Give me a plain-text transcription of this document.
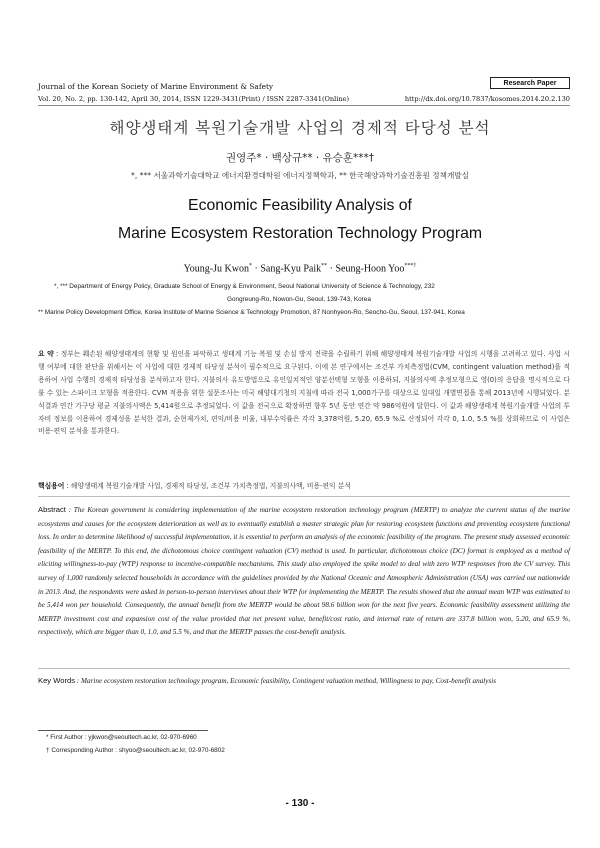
Journal of the Korean Society of Marine Environment & Safety	Research Paper
Vol. 20, No. 2, pp. 130-142, April 30, 2014, ISSN 1229-3431(Print) / ISSN 2287-3341(Online)	http://dx.doi.org/10.7837/kosomes.2014.20.2.130
해양생태계 복원기술개발 사업의 경제적 타당성 분석
권영주* · 백상규** · 유승훈***†
*, *** 서울과학기술대학교 에너지환경대학원 에너지정책학과, ** 한국해양과학기술진흥원 정책개발실
Economic Feasibility Analysis of
Marine Ecosystem Restoration Technology Program
Young-Ju Kwon* · Sang-Kyu Paik** · Seung-Hoon Yoo***†
*, *** Department of Energy Policy, Graduate School of Energy & Environment, Seoul National University of Science & Technology, 232
Gongreung-Ro, Nowon-Gu, Seoul, 139-743, Korea
** Marine Policy Development Office, Korea Institute of Marine Science & Technology Promotion, 87 Nonhyeon-Ro, Seocho-Gu, Seoul, 137-941, Korea
요 약 : 정부는 훼손된 해양생태계의 현황 및 원인을 파악하고 생태계 기능 복원 및 손실 방지 전략을 수립하기 위해 해양생태계 복원기술개발 사업의 시행을 고려하고 있다. 사업 시행 여부에 대한 판단을 위해서는 이 사업에 대한 경제적 타당성 분석이 필수적으로 요구된다. 이에 본 연구에서는 조건부 가치측정법(CVM, contingent valuation method)을 적용하여 사업 수행의 경제적 타당성을 분석하고자 한다. 지불의사 유도방법으로 유인일치적인 양분선택형 모형을 이용하되, 지불의사액 추정모형으로 영(0)의 응답을 명시적으로 다룰 수 있는 스파이크 모형을 적용한다. CVM 적용을 위한 설문조사는 미국 해양대기청의 지침에 따라 전국 1,000가구를 대상으로 일대일 개별면접을 통해 2013년에 시행되었다. 분석결과 연간 가구당 평균 지불의사액은 5,414원으로 추정되었다. 이 값을 전국으로 확장하면 향후 5년 동안 연간 약 986억원에 달한다. 이 값과 해양생태계 복원기술개발 사업의 투자비 정보를 이용하여 경제성을 분석한 결과, 순현재가치, 편익/비용 비율, 내부수익률은 각각 3,378억원, 5.20, 65.9 %로 산정되어 각각 0, 1.0, 5.5 %를 상회하므로 이 사업은 비용-편익 분석을 통과한다.
핵심용어 : 해양생태계 복원기술개발 사업, 경제적 타당성, 조건부 가치측정법, 지불의사액, 비용-편익 분석
Abstract : The Korean government is considering implementation of the marine ecosystem restoration technology program (MERTP) to analyze the current status of the marine ecosystems and causes for the ecosystem deterioration as well as to eventually establish a master strategic plan for restoring ecosystem functions and preventing ecosystem functional loss. In order to determine likelihood of successful implementation, it is essential to perform an analysis of the economic feasibility of the program. The present study assessed economic feasibility of the MERTP. To this end, the dichotomous choice contingent valuation (CV) method is used. In particular, dichotomous choice (DC) format is employed as a method of eliciting willingness-to-pay (WTP) response to incentive-compatible mechanisms. This study also employed the spike model to deal with zero WTP responses from the CV survey. This survey of 1,000 randomly selected households in accordance with the guidelines provided by the National Oceanic and Atmospheric Administration (USA) was carried out nationwide in 2013. And, the respondents were asked in person-to-person interviews about their WTP for implementing the MERTP. The results showed that the annual mean WTP was estimated to be 5,414 won per household. Consequently, the annual benefit from the MERTP would be about 98.6 billion won for the next five years. Economic feasibility assessment utilizing the MERTP investment cost and expansion cost of the value provided that net present value, benefit/cost ratio, and internal rate of return are 337.8 billion won, 5.20, and 65.9 %, respectively, which are bigger than 0, 1.0, and 5.5 %, and that the MERTP passes the cost-benefit analysis.
Key Words : Marine ecosystem restoration technology program, Economic feasibility, Contingent valuation method, Willingness to pay, Cost-benefit analysis
* First Author : yjkwon@seoultech.ac.kr, 02-970-6960
† Corresponding Author : shyoo@seoultech.ac.kr, 02-970-6802
- 130 -
